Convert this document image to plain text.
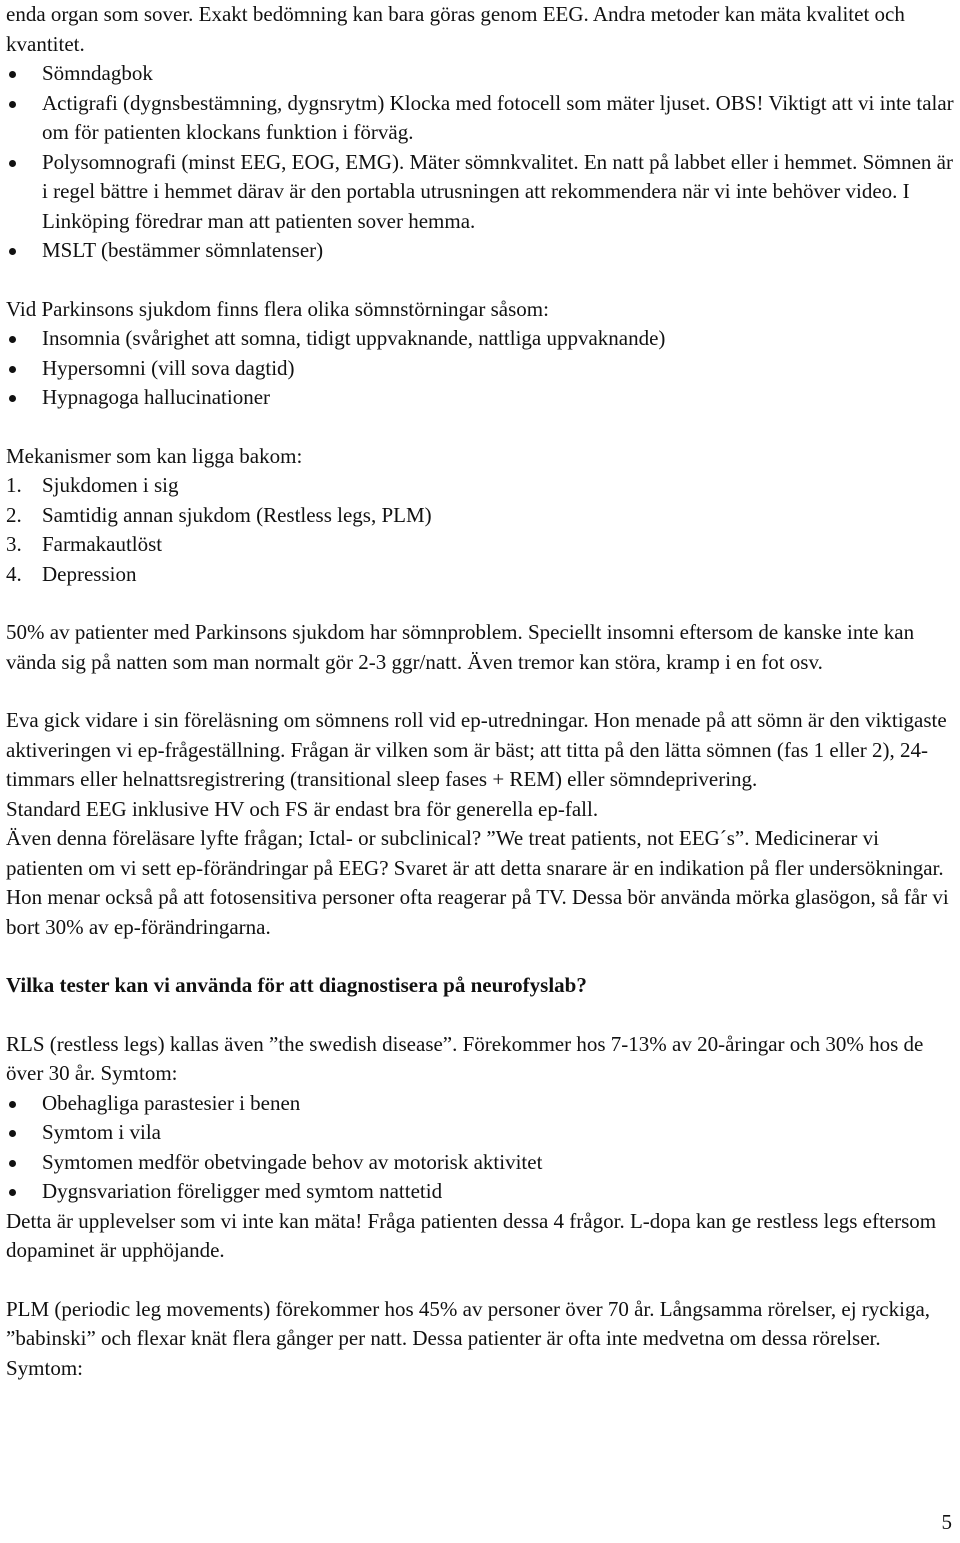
enda organ som sover. Exakt bedömning kan bara göras genom EEG. Andra metoder kan mäta kvalitet och kvantitet.

Sömndagbok
Actigrafi (dygnsbestämning, dygnsrytm) Klocka med fotocell som mäter ljuset. OBS! Viktigt att vi inte talar om för patienten klockans funktion i förväg.
Polysomnografi (minst EEG, EOG, EMG). Mäter sömnkvalitet. En natt på labbet eller i hemmet. Sömnen är i regel bättre i hemmet därav är den portabla utrusningen att rekommendera när vi inte behöver video. I Linköping föredrar man att patienten sover hemma.
MSLT (bestämmer sömnlatenser)

Vid Parkinsons sjukdom finns flera olika sömnstörningar såsom:

Insomnia (svårighet att somna, tidigt uppvaknande, nattliga uppvaknande)
Hypersomni (vill sova dagtid)
Hypnagoga hallucinationer

Mekanismer som kan ligga bakom:

1. Sjukdomen i sig
2. Samtidig annan sjukdom (Restless legs, PLM)
3. Farmakautlöst
4. Depression

50% av patienter med Parkinsons sjukdom har sömnproblem. Speciellt insomni eftersom de kanske inte kan vända sig på natten som man normalt gör 2-3 ggr/natt. Även tremor kan störa, kramp i en fot osv.

Eva gick vidare i sin föreläsning om sömnens roll vid ep-utredningar. Hon menade på att sömn är den viktigaste aktiveringen vi ep-frågeställning. Frågan är vilken som är bäst; att titta på den lätta sömnen (fas 1 eller 2), 24-timmars eller helnattsregistrering (transitional sleep fases + REM) eller sömndeprivering.

Standard EEG inklusive HV och FS är endast bra för generella ep-fall.

Även denna föreläsare lyfte frågan; Ictal- or subclinical? ”We treat patients, not EEG´s”. Medicinerar vi patienten om vi sett ep-förändringar på EEG? Svaret är att detta snarare är en indikation på fler undersökningar. Hon menar också på att fotosensitiva personer ofta reagerar på TV. Dessa bör använda mörka glasögon, så får vi bort 30% av ep-förändringarna.

Vilka tester kan vi använda för att diagnostisera på neurofyslab?

RLS (restless legs) kallas även ”the swedish disease”. Förekommer hos 7-13% av 20-åringar och 30% hos de över 30 år. Symtom:

Obehagliga parastesier i benen
Symtom i vila
Symtomen medför obetvingade behov av motorisk aktivitet
Dygnsvariation föreligger med symtom nattetid

Detta är upplevelser som vi inte kan mäta! Fråga patienten dessa 4 frågor. L-dopa kan ge restless legs eftersom dopaminet är upphöjande.

PLM (periodic leg movements) förekommer hos 45% av personer över 70 år. Långsamma rörelser, ej ryckiga, ”babinski” och flexar knät flera gånger per natt. Dessa patienter är ofta inte medvetna om dessa rörelser. Symtom:

5
